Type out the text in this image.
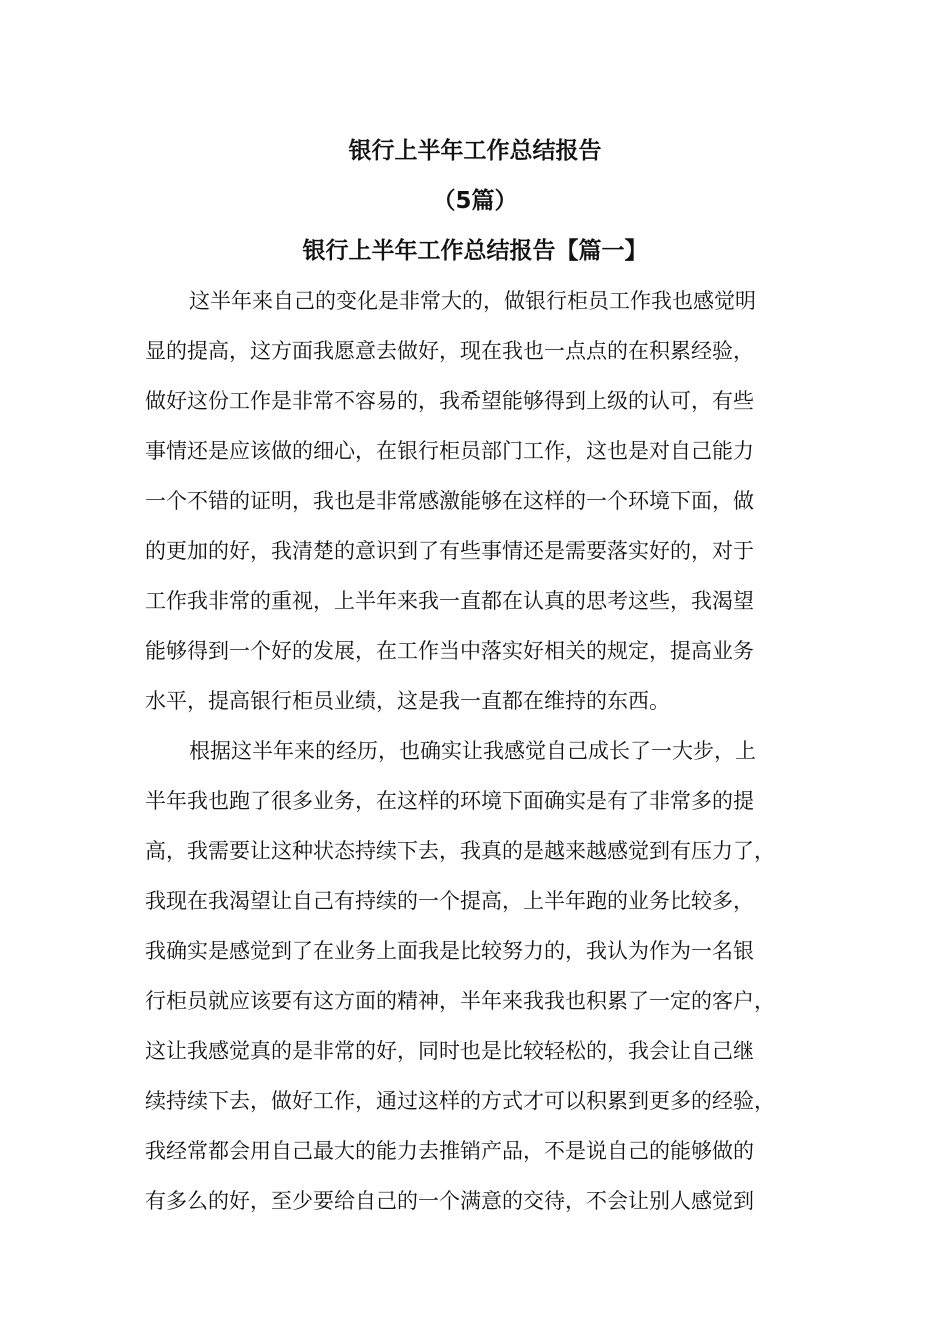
银行上半年工作总结报告
（5篇）
银行上半年工作总结报告【篇一】
这半年来自己的变化是非常大的，做银行柜员工作我也感觉明
显的提高，这方面我愿意去做好，现在我也一点点的在积累经验，
做好这份工作是非常不容易的，我希望能够得到上级的认可，有些
事情还是应该做的细心，在银行柜员部门工作，这也是对自己能力
一个不错的证明，我也是非常感激能够在这样的一个环境下面，做
的更加的好，我清楚的意识到了有些事情还是需要落实好的，对于
工作我非常的重视，上半年来我一直都在认真的思考这些，我渴望
能够得到一个好的发展，在工作当中落实好相关的规定，提高业务
水平，提高银行柜员业绩，这是我一直都在维持的东西。
根据这半年来的经历，也确实让我感觉自己成长了一大步，上
半年我也跑了很多业务，在这样的环境下面确实是有了非常多的提
高，我需要让这种状态持续下去，我真的是越来越感觉到有压力了，
我现在我渴望让自己有持续的一个提高，上半年跑的业务比较多，
我确实是感觉到了在业务上面我是比较努力的，我认为作为一名银
行柜员就应该要有这方面的精神，半年来我我也积累了一定的客户，
这让我感觉真的是非常的好，同时也是比较轻松的，我会让自己继
续持续下去，做好工作，通过这样的方式才可以积累到更多的经验，
我经常都会用自己最大的能力去推销产品，不是说自己的能够做的
有多么的好，至少要给自己的一个满意的交待，不会让别人感觉到
